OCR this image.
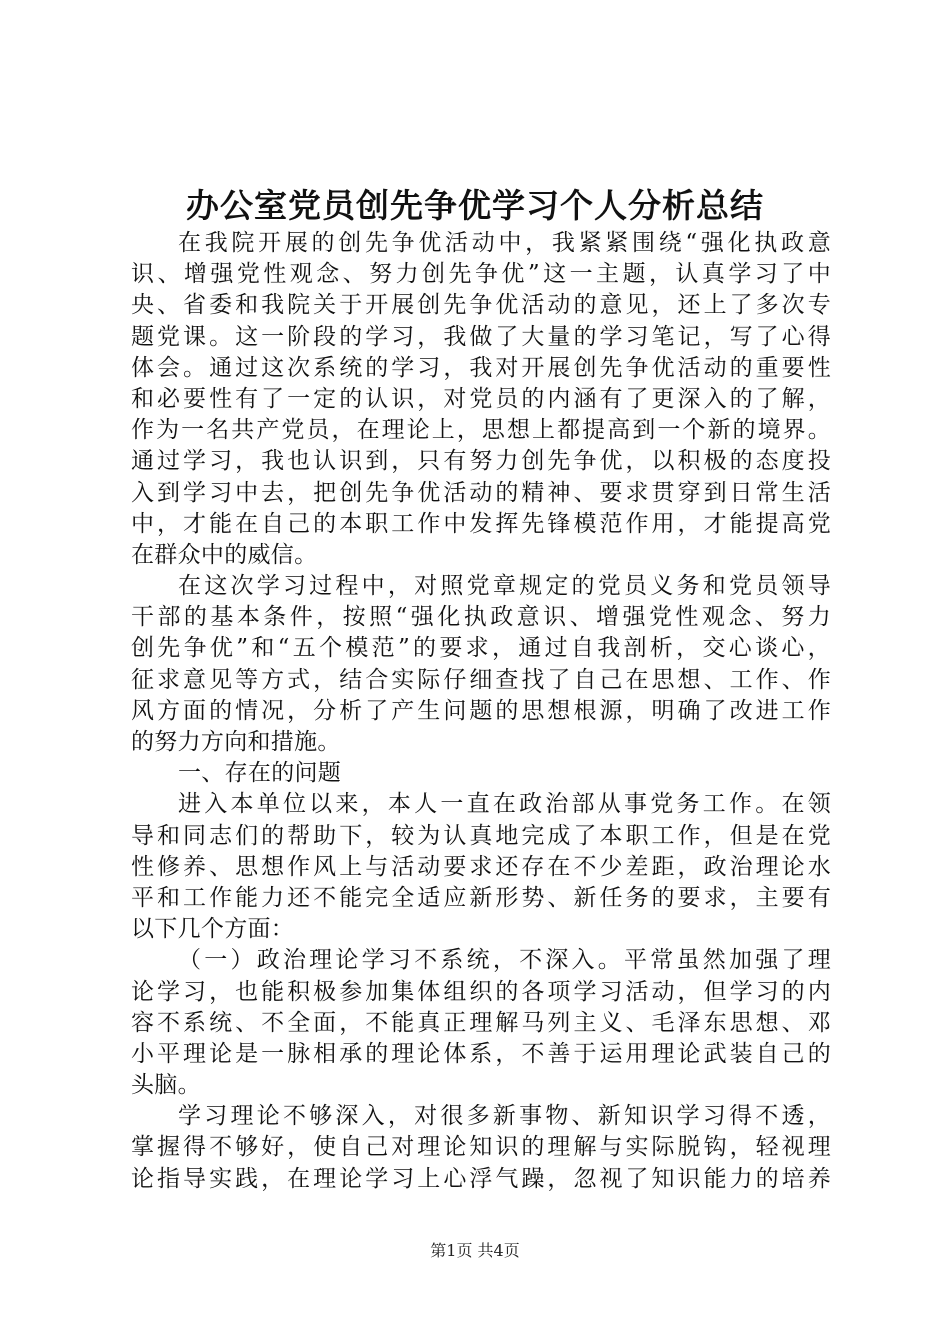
办公室党员创先争优学习个人分析总结
在我院开展的创先争优活动中，我紧紧围绕“强化执政意
识、增强党性观念、努力创先争优”这一主题，认真学习了中
央、省委和我院关于开展创先争优活动的意见，还上了多次专
题党课。这一阶段的学习，我做了大量的学习笔记，写了心得
体会。通过这次系统的学习，我对开展创先争优活动的重要性
和必要性有了一定的认识，对党员的内涵有了更深入的了解，
作为一名共产党员，在理论上，思想上都提高到一个新的境界。
通过学习，我也认识到，只有努力创先争优，以积极的态度投
入到学习中去，把创先争优活动的精神、要求贯穿到日常生活
中，才能在自己的本职工作中发挥先锋模范作用，才能提高党
在群众中的威信。
在这次学习过程中，对照党章规定的党员义务和党员领导
干部的基本条件，按照“强化执政意识、增强党性观念、努力
创先争优”和“五个模范”的要求，通过自我剖析，交心谈心，
征求意见等方式，结合实际仔细查找了自己在思想、工作、作
风方面的情况，分析了产生问题的思想根源，明确了改进工作
的努力方向和措施。
一、存在的问题
进入本单位以来，本人一直在政治部从事党务工作。在领
导和同志们的帮助下，较为认真地完成了本职工作，但是在党
性修养、思想作风上与活动要求还存在不少差距，政治理论水
平和工作能力还不能完全适应新形势、新任务的要求，主要有
以下几个方面：
（一）政治理论学习不系统，不深入。平常虽然加强了理
论学习，也能积极参加集体组织的各项学习活动，但学习的内
容不系统、不全面，不能真正理解马列主义、毛泽东思想、邓
小平理论是一脉相承的理论体系，不善于运用理论武装自己的
头脑。
学习理论不够深入，对很多新事物、新知识学习得不透，
掌握得不够好，使自己对理论知识的理解与实际脱钩，轻视理
论指导实践，在理论学习上心浮气躁，忽视了知识能力的培养
第1页 共4页
